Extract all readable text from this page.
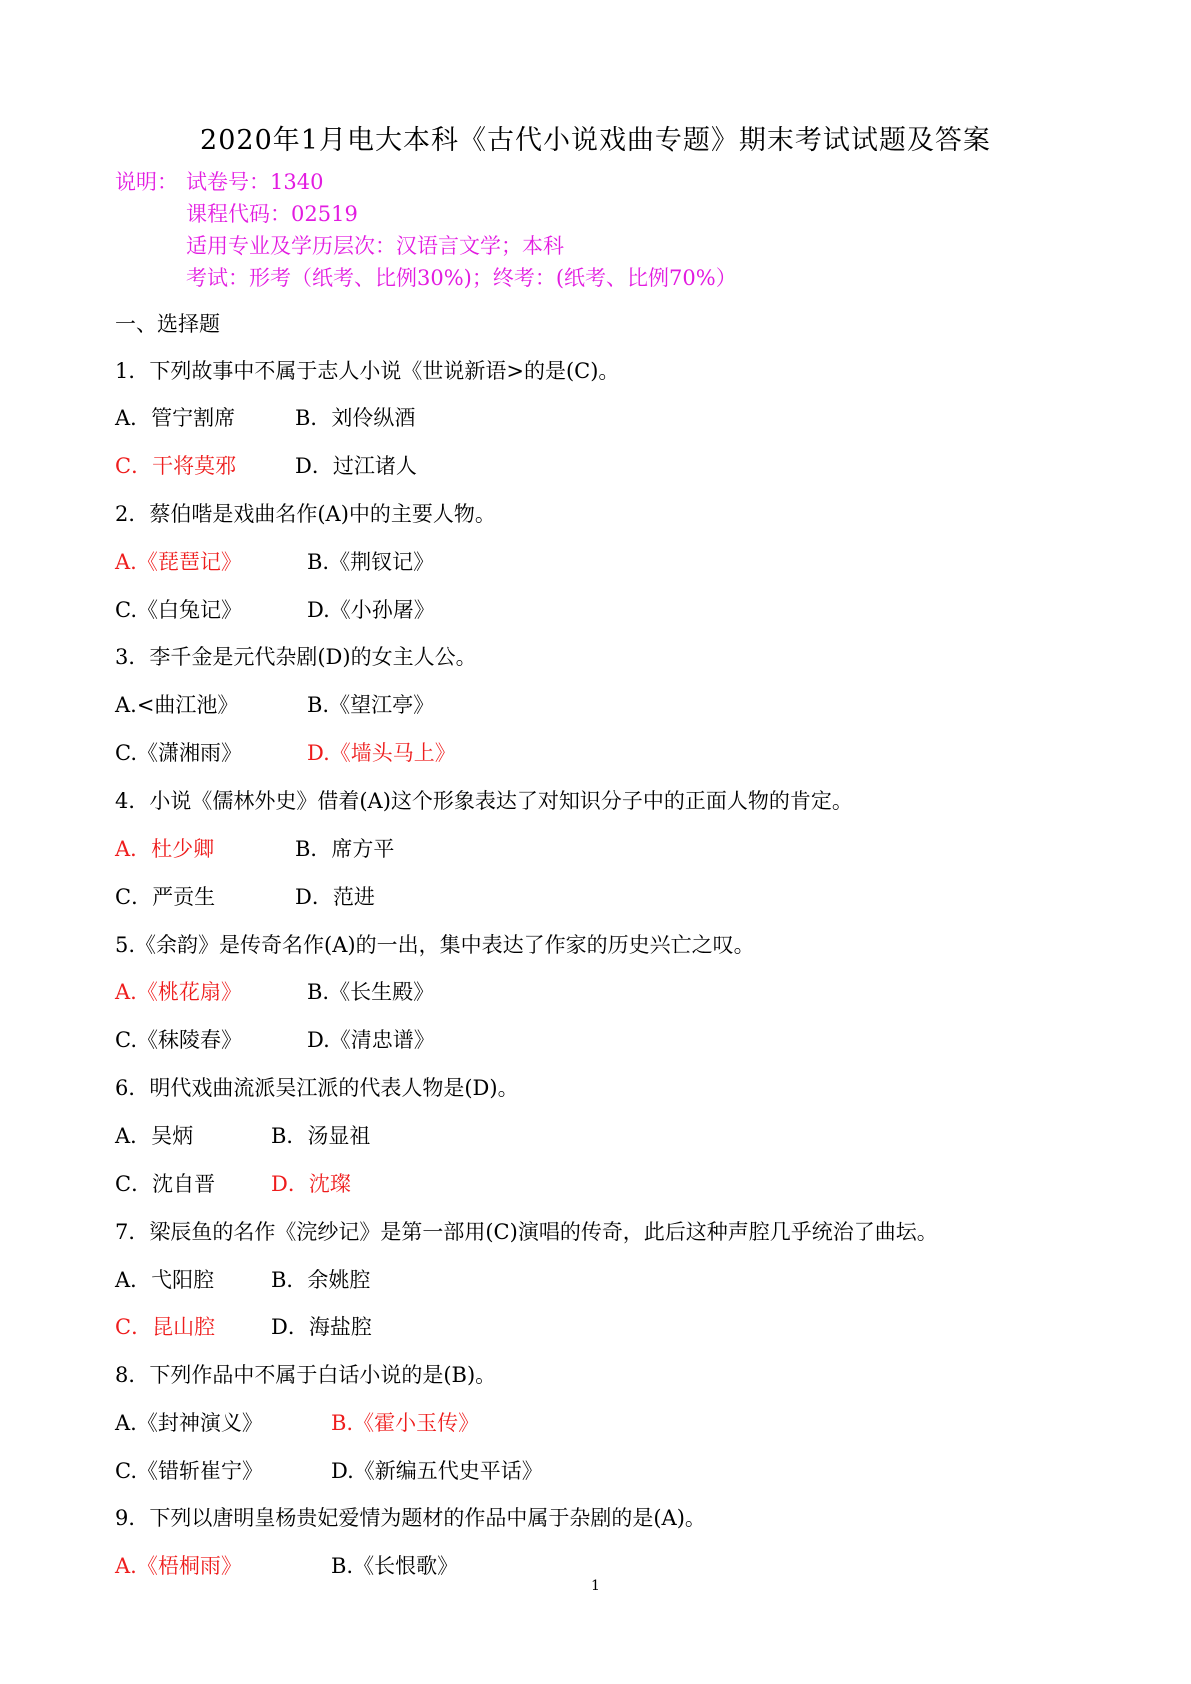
2020年1月电大本科《古代小说戏曲专题》期末考试试题及答案
说明： 试卷号：1340
课程代码：02519
适用专业及学历层次：汉语言文学；本科
考试：形考（纸考、比例30%)；终考：(纸考、比例70%）
一、选择题
1．下列故事中不属于志人小说《世说新语>的是(C)。
A．管宁割席	B．刘伶纵酒
C．干将莫邪	D．过江诸人
2．蔡伯喈是戏曲名作(A)中的主要人物。
A.《琵琶记》	B.《荆钗记》
C.《白兔记》	D.《小孙屠》
3．李千金是元代杂剧(D)的女主人公。
A.<曲江池》	B.《望江亭》
C.《潇湘雨》	D.《墙头马上》
4．小说《儒林外史》借着(A)这个形象表达了对知识分子中的正面人物的肯定。
A．杜少卿	B．席方平
C．严贡生	D．范进
5.《余韵》是传奇名作(A)的一出，集中表达了作家的历史兴亡之叹。
A.《桃花扇》	B.《长生殿》
C.《秣陵春》	D.《清忠谱》
6．明代戏曲流派吴江派的代表人物是(D)。
A．吴炳	B．汤显祖
C．沈自晋	D．沈璨
7．梁辰鱼的名作《浣纱记》是第一部用(C)演唱的传奇，此后这种声腔几乎统治了曲坛。
A．弋阳腔	B．余姚腔
C．昆山腔	D．海盐腔
8．下列作品中不属于白话小说的是(B)。
A.《封神演义》	B.《霍小玉传》
C.《错斩崔宁》	D.《新编五代史平话》
9．下列以唐明皇杨贵妃爱情为题材的作品中属于杂剧的是(A)。
A.《梧桐雨》	B.《长恨歌》
1
